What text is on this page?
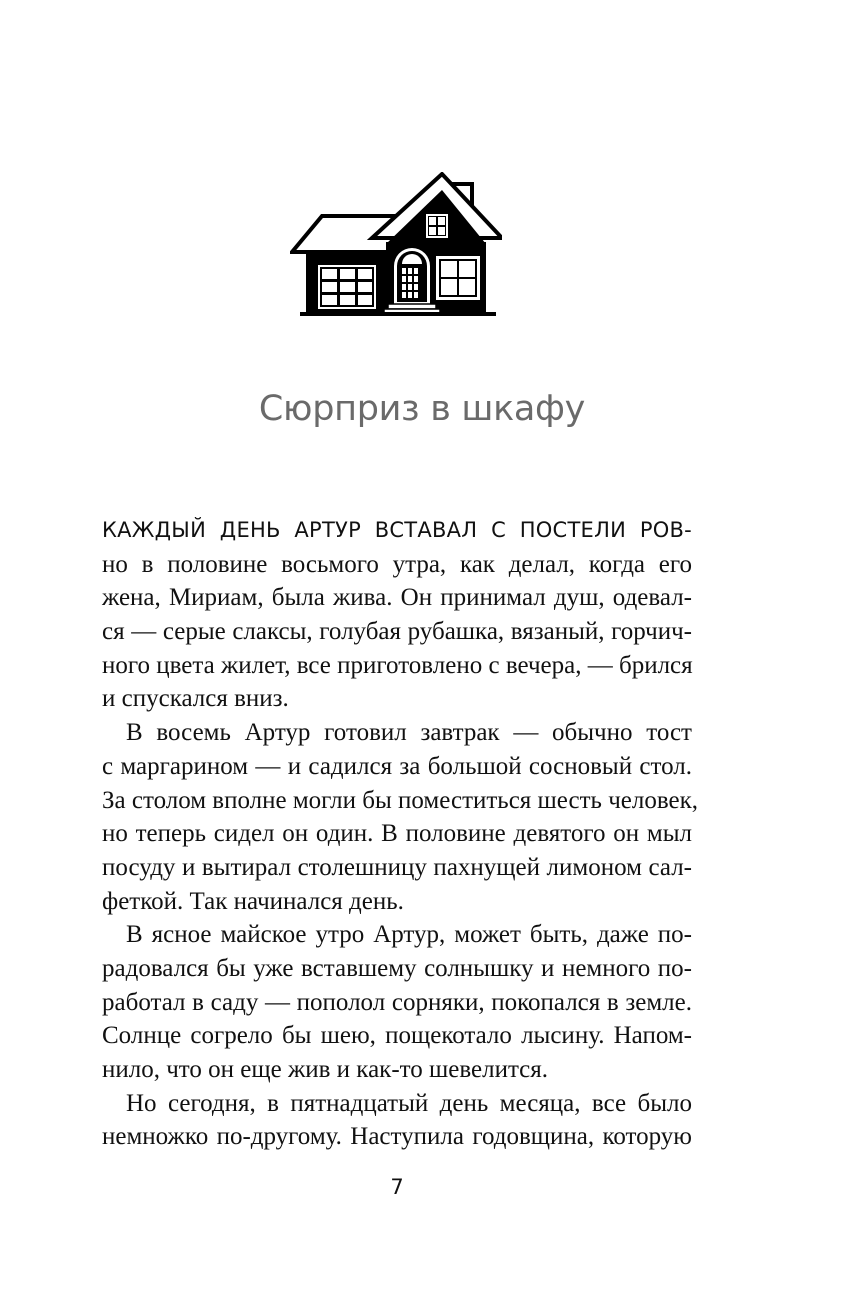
Сюрприз в шкафу
КАЖДЫЙ ДЕНЬ АРТУР ВСТАВАЛ С ПОСТЕЛИ РОВ-
но в половине восьмого утра, как делал, когда его
жена, Мириам, была жива. Он принимал душ, одевал-
ся — серые слаксы, голубая рубашка, вязаный, горчич-
ного цвета жилет, все приготовлено с вечера, — брился
и спускался вниз.
В восемь Артур готовил завтрак — обычно тост
с маргарином — и садился за большой сосновый стол.
За столом вполне могли бы поместиться шесть человек,
но теперь сидел он один. В половине девятого он мыл
посуду и вытирал столешницу пахнущей лимоном сал-
феткой. Так начинался день.
В ясное майское утро Артур, может быть, даже по-
радовался бы уже вставшему солнышку и немного по-
работал в саду — пополол сорняки, покопался в земле.
Солнце согрело бы шею, пощекотало лысину. Напом-
нило, что он еще жив и как-то шевелится.
Но сегодня, в пятнадцатый день месяца, все было
немножко по-другому. Наступила годовщина, которую
7
